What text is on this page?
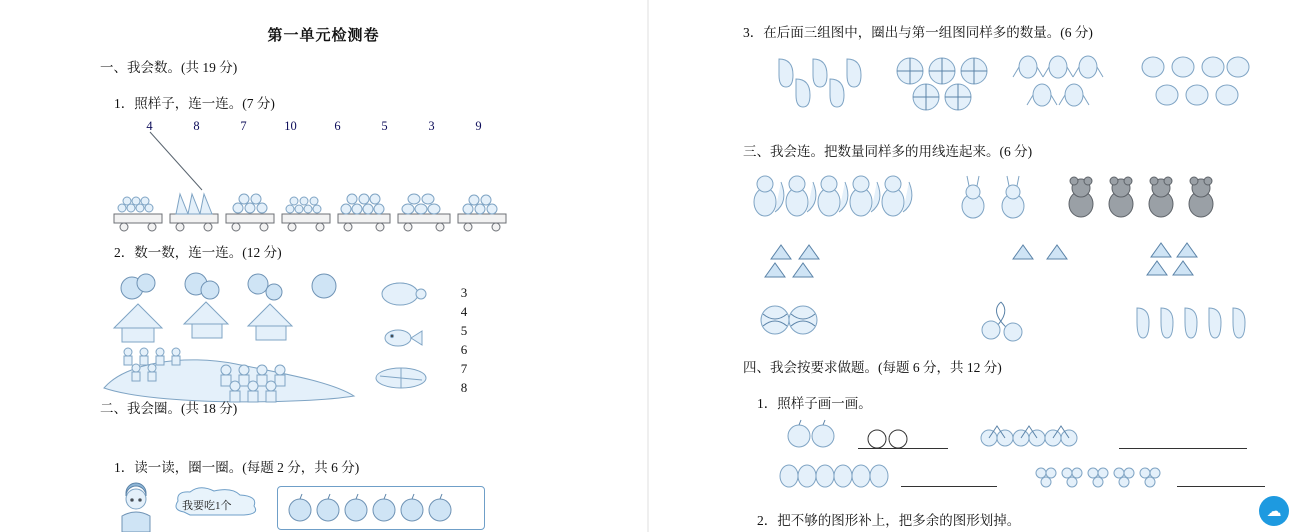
第一单元检测卷
一、我会数。(共 19 分)
1．照样子，连一连。(7 分)
4	8	7	10	6	5	3	9
2．数一数，连一连。(12 分)
3
4
5
6
7
8
二、我会圈。(共 18 分)
1．读一读，圈一圈。(每题 2 分，共 6 分)
我要吃1个
3．在后面三组图中，圈出与第一组图同样多的数量。(6 分)
三、我会连。把数量同样多的用线连起来。(6 分)
四、我会按要求做题。(每题 6 分，共 12 分)
1．照样子画一画。
2．把不够的图形补上，把多余的图形划掉。
☁
